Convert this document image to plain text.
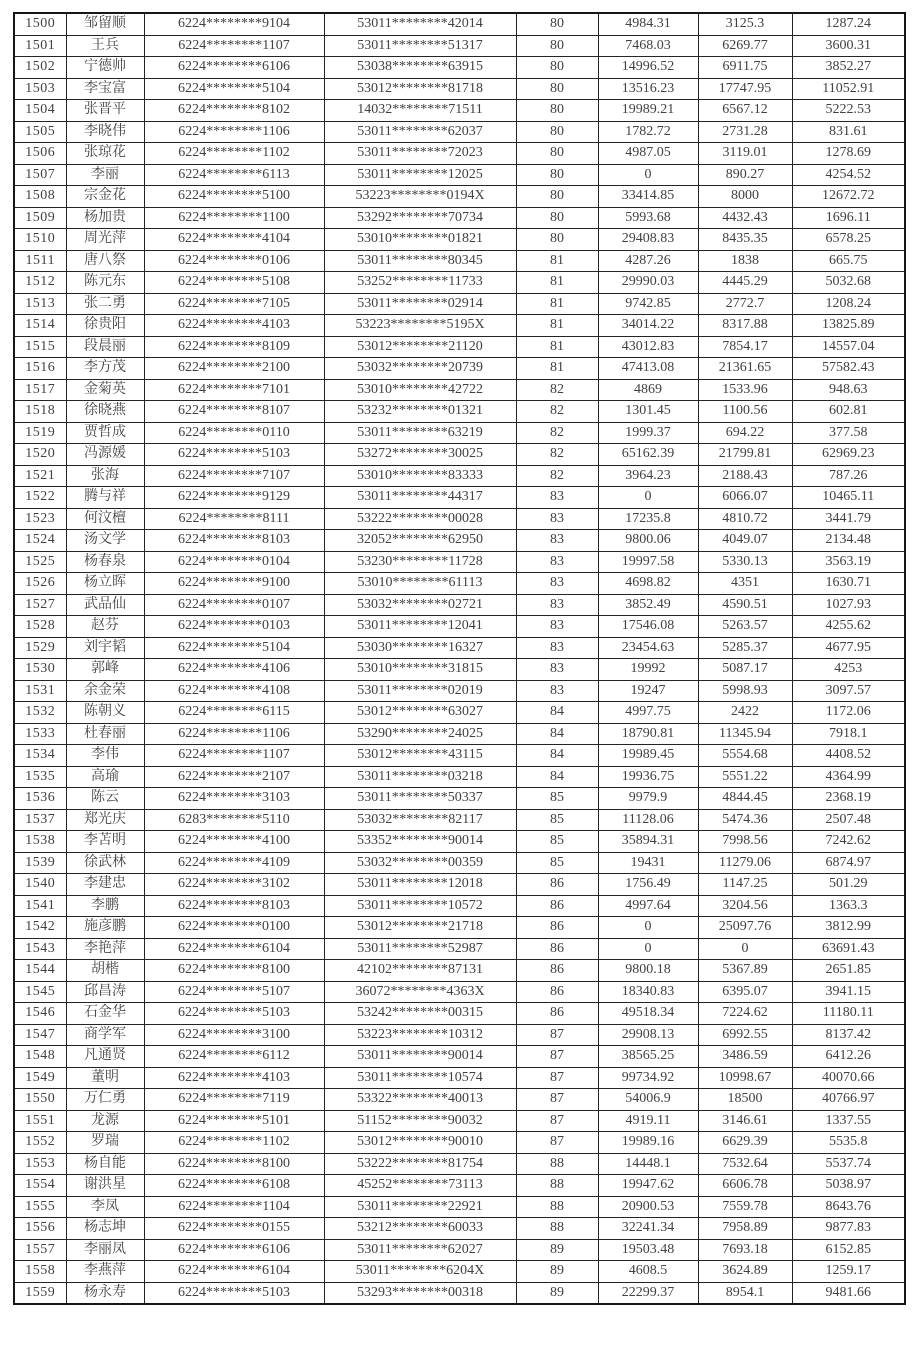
1500	邹留顺	6224********9104	53011********42014	80	4984.31	3125.3	1287.24
1501	王兵	6224********1107	53011********51317	80	7468.03	6269.77	3600.31
1502	宁德帅	6224********6106	53038********63915	80	14996.52	6911.75	3852.27
1503	李宝富	6224********5104	53012********81718	80	13516.23	17747.95	11052.91
1504	张晋平	6224********8102	14032********71511	80	19989.21	6567.12	5222.53
1505	李晓伟	6224********1106	53011********62037	80	1782.72	2731.28	831.61
1506	张琼花	6224********1102	53011********72023	80	4987.05	3119.01	1278.69
1507	李丽	6224********6113	53011********12025	80	0	890.27	4254.52
1508	宗金花	6224********5100	53223********0194X	80	33414.85	8000	12672.72
1509	杨加贵	6224********1100	53292********70734	80	5993.68	4432.43	1696.11
1510	周光萍	6224********4104	53010********01821	80	29408.83	8435.35	6578.25
1511	唐八祭	6224********0106	53011********80345	81	4287.26	1838	665.75
1512	陈元东	6224********5108	53252********11733	81	29990.03	4445.29	5032.68
1513	张二勇	6224********7105	53011********02914	81	9742.85	2772.7	1208.24
1514	徐贵阳	6224********4103	53223********5195X	81	34014.22	8317.88	13825.89
1515	段晨丽	6224********8109	53012********21120	81	43012.83	7854.17	14557.04
1516	李方茂	6224********2100	53032********20739	81	47413.08	21361.65	57582.43
1517	金菊英	6224********7101	53010********42722	82	4869	1533.96	948.63
1518	徐晓燕	6224********8107	53232********01321	82	1301.45	1100.56	602.81
1519	贾哲成	6224********0110	53011********63219	82	1999.37	694.22	377.58
1520	冯源媛	6224********5103	53272********30025	82	65162.39	21799.81	62969.23
1521	张海	6224********7107	53010********83333	82	3964.23	2188.43	787.26
1522	腾与祥	6224********9129	53011********44317	83	0	6066.07	10465.11
1523	何汶檀	6224********8111	53222********00028	83	17235.8	4810.72	3441.79
1524	汤文学	6224********8103	32052********62950	83	9800.06	4049.07	2134.48
1525	杨春泉	6224********0104	53230********11728	83	19997.58	5330.13	3563.19
1526	杨立晖	6224********9100	53010********61113	83	4698.82	4351	1630.71
1527	武品仙	6224********0107	53032********02721	83	3852.49	4590.51	1027.93
1528	赵芬	6224********0103	53011********12041	83	17546.08	5263.57	4255.62
1529	刘宇韬	6224********5104	53030********16327	83	23454.63	5285.37	4677.95
1530	郭峰	6224********4106	53010********31815	83	19992	5087.17	4253
1531	余金荣	6224********4108	53011********02019	83	19247	5998.93	3097.57
1532	陈朝义	6224********6115	53012********63027	84	4997.75	2422	1172.06
1533	杜春丽	6224********1106	53290********24025	84	18790.81	11345.94	7918.1
1534	李伟	6224********1107	53012********43115	84	19989.45	5554.68	4408.52
1535	高瑜	6224********2107	53011********03218	84	19936.75	5551.22	4364.99
1536	陈云	6224********3103	53011********50337	85	9979.9	4844.45	2368.19
1537	郑光庆	6283********5110	53032********82117	85	11128.06	5474.36	2507.48
1538	李苫明	6224********4100	53352********90014	85	35894.31	7998.56	7242.62
1539	徐武林	6224********4109	53032********00359	85	19431	11279.06	6874.97
1540	李建忠	6224********3102	53011********12018	86	1756.49	1147.25	501.29
1541	李鹏	6224********8103	53011********10572	86	4997.64	3204.56	1363.3
1542	施彦鹏	6224********0100	53012********21718	86	0	25097.76	3812.99
1543	李艳萍	6224********6104	53011********52987	86	0	0	63691.43
1544	胡楷	6224********8100	42102********87131	86	9800.18	5367.89	2651.85
1545	邱昌涛	6224********5107	36072********4363X	86	18340.83	6395.07	3941.15
1546	石金华	6224********5103	53242********00315	86	49518.34	7224.62	11180.11
1547	商学军	6224********3100	53223********10312	87	29908.13	6992.55	8137.42
1548	凡通贤	6224********6112	53011********90014	87	38565.25	3486.59	6412.26
1549	董明	6224********4103	53011********10574	87	99734.92	10998.67	40070.66
1550	万仁勇	6224********7119	53322********40013	87	54006.9	18500	40766.97
1551	龙源	6224********5101	51152********90032	87	4919.11	3146.61	1337.55
1552	罗瑞	6224********1102	53012********90010	87	19989.16	6629.39	5535.8
1553	杨自能	6224********8100	53222********81754	88	14448.1	7532.64	5537.74
1554	谢洪星	6224********6108	45252********73113	88	19947.62	6606.78	5038.97
1555	李凤	6224********1104	53011********22921	88	20900.53	7559.78	8643.76
1556	杨志坤	6224********0155	53212********60033	88	32241.34	7958.89	9877.83
1557	李丽凤	6224********6106	53011********62027	89	19503.48	7693.18	6152.85
1558	李燕萍	6224********6104	53011********6204X	89	4608.5	3624.89	1259.17
1559	杨永寿	6224********5103	53293********00318	89	22299.37	8954.1	9481.66
